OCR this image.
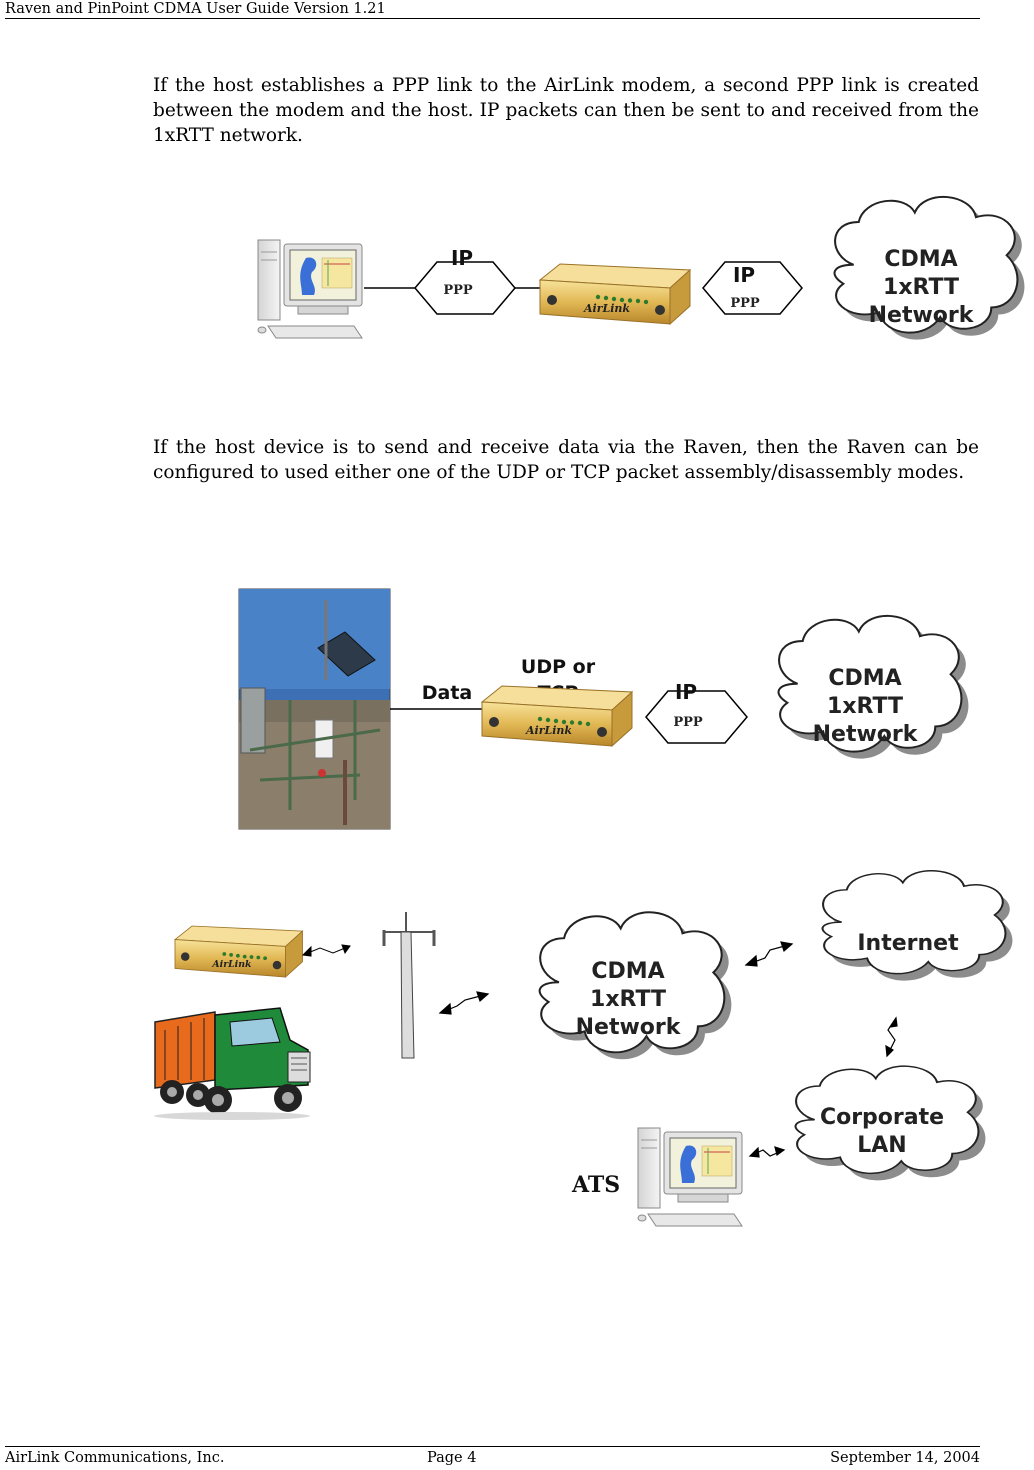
Raven and PinPoint CDMA User Guide Version 1.21

If the host establishes a PPP link to the AirLink modem, a second PPP link is created between the modem and the host. IP packets can then be sent to and received from the 1xRTT network.

If the host device is to send and receive data via the Raven, then the Raven can be configured to used either one of the UDP or TCP packet assembly/disassembly modes.

AirLink
IP
PPP
IP
PPP
CDMA
1xRTT
Network
Data
UDP or
IP
PPP
CDMA
1xRTT
Network
CDMA
1xRTT
Network
Internet
Corporate
LAN
ATS
AirLink Communications, Inc.	Page 4	September 14, 2004
